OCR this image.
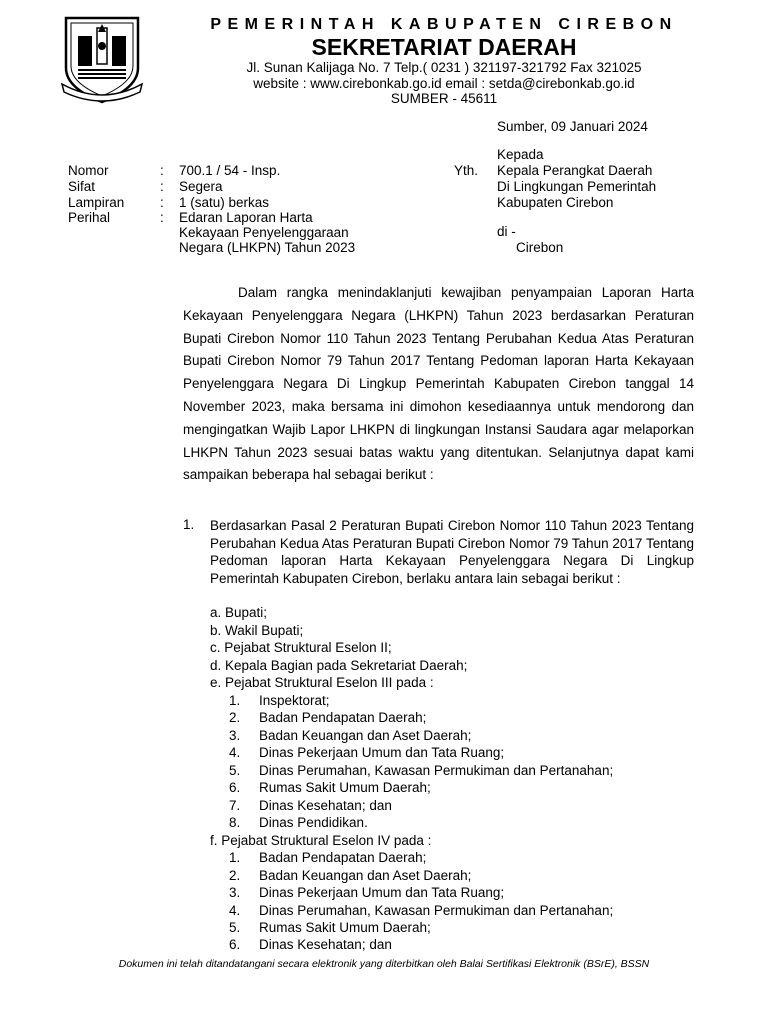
PEMERINTAH KABUPATEN CIREBON
SEKRETARIAT DAERAH
Jl. Sunan Kalijaga No. 7 Telp.( 0231 ) 321197-321792 Fax 321025
website : www.cirebonkab.go.id email : setda@cirebonkab.go.id
SUMBER - 45611
Sumber, 09 Januari 2024
Kepada
Yth. Kepala Perangkat Daerah
Di Lingkungan Pemerintah
Kabupaten Cirebon
di -
Cirebon
Nomor	: 700.1 / 54 - Insp.
Sifat	: Segera
Lampiran	: 1 (satu) berkas
Perihal	: Edaran Laporan Harta
Kekayaan Penyelenggaraan
Negara (LHKPN) Tahun 2023

Dalam rangka menindaklanjuti kewajiban penyampaian Laporan Harta Kekayaan Penyelenggara Negara (LHKPN) Tahun 2023 berdasarkan Peraturan Bupati Cirebon Nomor 110 Tahun 2023 Tentang Perubahan Kedua Atas Peraturan Bupati Cirebon Nomor 79 Tahun 2017 Tentang Pedoman laporan Harta Kekayaan Penyelenggara Negara Di Lingkup Pemerintah Kabupaten Cirebon tanggal 14 November 2023, maka bersama ini dimohon kesediaannya untuk mendorong dan mengingatkan Wajib Lapor LHKPN di lingkungan Instansi Saudara agar melaporkan LHKPN Tahun 2023 sesuai batas waktu yang ditentukan. Selanjutnya dapat kami sampaikan beberapa hal sebagai berikut :

1. Berdasarkan Pasal 2 Peraturan Bupati Cirebon Nomor 110 Tahun 2023 Tentang Perubahan Kedua Atas Peraturan Bupati Cirebon Nomor 79 Tahun 2017 Tentang Pedoman laporan Harta Kekayaan Penyelenggara Negara Di Lingkup Pemerintah Kabupaten Cirebon, berlaku antara lain sebagai berikut :

a. Bupati;
b. Wakil Bupati;
c. Pejabat Struktural Eselon II;
d. Kepala Bagian pada Sekretariat Daerah;
e. Pejabat Struktural Eselon III pada :
1. Inspektorat;
2. Badan Pendapatan Daerah;
3. Badan Keuangan dan Aset Daerah;
4. Dinas Pekerjaan Umum dan Tata Ruang;
5. Dinas Perumahan, Kawasan Permukiman dan Pertanahan;
6. Rumas Sakit Umum Daerah;
7. Dinas Kesehatan; dan
8. Dinas Pendidikan.
f. Pejabat Struktural Eselon IV pada :
1. Badan Pendapatan Daerah;
2. Badan Keuangan dan Aset Daerah;
3. Dinas Pekerjaan Umum dan Tata Ruang;
4. Dinas Perumahan, Kawasan Permukiman dan Pertanahan;
5. Rumas Sakit Umum Daerah;
6. Dinas Kesehatan; dan
Dokumen ini telah ditandatangani secara elektronik yang diterbitkan oleh Balai Sertifikasi Elektronik (BSrE), BSSN
